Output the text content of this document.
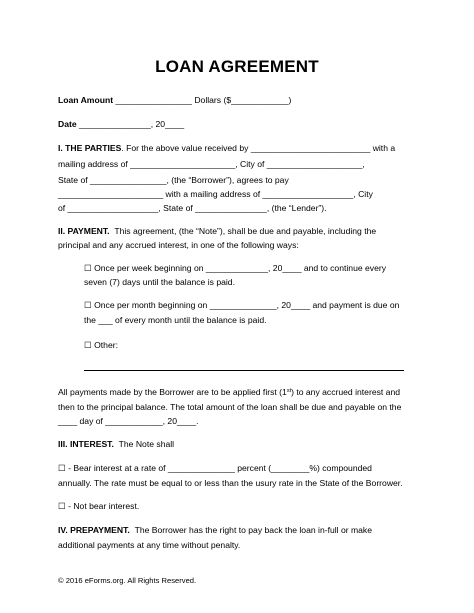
LOAN AGREEMENT
Loan Amount ________________ Dollars ($____________)
Date _______________, 20____
I. THE PARTIES. For the above value received by _________________________ with a
mailing address of ______________________, City of ____________________,
State of ________________, (the “Borrower”), agrees to pay
______________________ with a mailing address of ___________________, City
of ___________________, State of _______________, (the “Lender”).
II. PAYMENT. This agreement, (the “Note”), shall be due and payable, including the
principal and any accrued interest, in one of the following ways:
☐ Once per week beginning on _____________, 20____ and to continue every
seven (7) days until the balance is paid.
☐ Once per month beginning on ______________, 20____ and payment is due on
the ___ of every month until the balance is paid.
☐ Other:
All payments made by the Borrower are to be applied first (1st) to any accrued interest and
then to the principal balance. The total amount of the loan shall be due and payable on the
____ day of ____________, 20____.
III. INTEREST. The Note shall
☐ - Bear interest at a rate of ______________ percent (________%) compounded
annually. The rate must be equal to or less than the usury rate in the State of the Borrower.
☐ - Not bear interest.
IV. PREPAYMENT. The Borrower has the right to pay back the loan in-full or make
additional payments at any time without penalty.
© 2016 eForms.org. All Rights Reserved.
